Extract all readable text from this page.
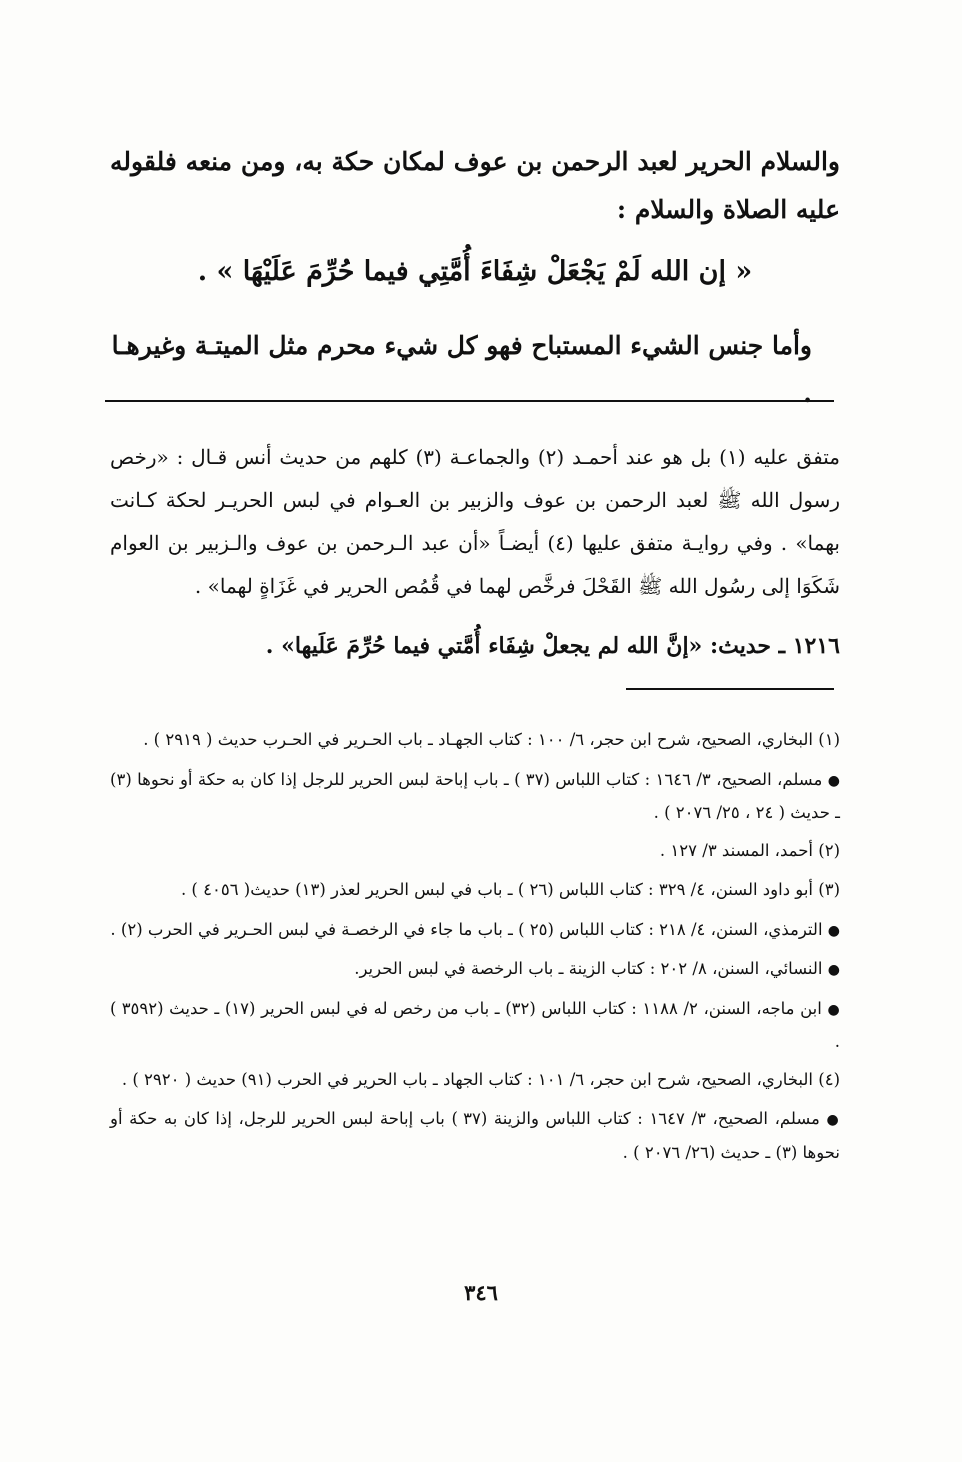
والسلام الحرير لعبد الرحمن بن عوف لمكان حكة به، ومن منعه فلقوله عليه الصلاة والسلام :

« إن الله لَمْ يَجْعَلْ شِفَاءَ أُمَّتِي فيما حُرِّمَ عَلَيْهَا » .
وأما جنس الشيء المستباح فهو كل شيء محرم مثل الميتـة وغيرهـا .

متفق عليه (١) بل هو عند أحمـد (٢) والجماعـة (٣) كلهم من حديث أنس قـال : «رخص رسول الله ﷺ لعبد الرحمن بن عوف والزبير بن العـوام في لبس الحريـر لحكة كـانت بهما» . وفي روايـة متفق عليها (٤) أيضـاً «أن عبد الـرحمن بن عوف والـزبير بن العوام شَكَوَا إلى رسُول الله ﷺ القَحْلَ فرخَّص لهما في قُمُص الحرير في غَزَاةٍ لهما» .

١٢١٦ ـ حديث: «إنَّ الله لم يجعلْ شِفَاء أُمَّتي فيما حُرِّمَ عَلَيها» .

(١) البخاري، الصحيح، شرح ابن حجر، ٦/ ١٠٠ : كتاب الجهـاد ـ باب الحـرير في الحـرب حديث ( ٢٩١٩ ) .

● مسلم، الصحيح، ٣/ ١٦٤٦ : كتاب اللباس (٣٧ ) ـ باب إباحة لبس الحرير للرجل إذا كان به حكة أو نحوها (٣) ـ حديث ( ٢٤ ، ٢٥/ ٢٠٧٦ ) .

(٢) أحمد، المسند ٣/ ١٢٧ .

(٣) أبو داود السنن، ٤/ ٣٢٩ : كتاب اللباس (٢٦ ) ـ باب في لبس الحرير لعذر (١٣) حديث( ٤٠٥٦ ) .

● الترمذي، السنن، ٤/ ٢١٨ : كتاب اللباس (٢٥ ) ـ باب ما جاء في الرخصـة في لبس الحـرير في الحرب (٢) .

● النسائي، السنن، ٨/ ٢٠٢ : كتاب الزينة ـ باب الرخصة في لبس الحرير.

● ابن ماجه، السنن، ٢/ ١١٨٨ : كتاب اللباس (٣٢) ـ باب من رخص له في لبس الحرير (١٧) ـ حديث (٣٥٩٢ ) .

(٤) البخاري، الصحيح، شرح ابن حجر، ٦/ ١٠١ : كتاب الجهاد ـ باب الحرير في الحرب (٩١) حديث ( ٢٩٢٠ ) .

● مسلم، الصحيح، ٣/ ١٦٤٧ : كتاب اللباس والزينة (٣٧ ) باب إباحة لبس الحرير للرجل، إذا كان به حكة أو نحوها (٣) ـ حديث (٢٦/ ٢٠٧٦ ) .

٣٤٦
